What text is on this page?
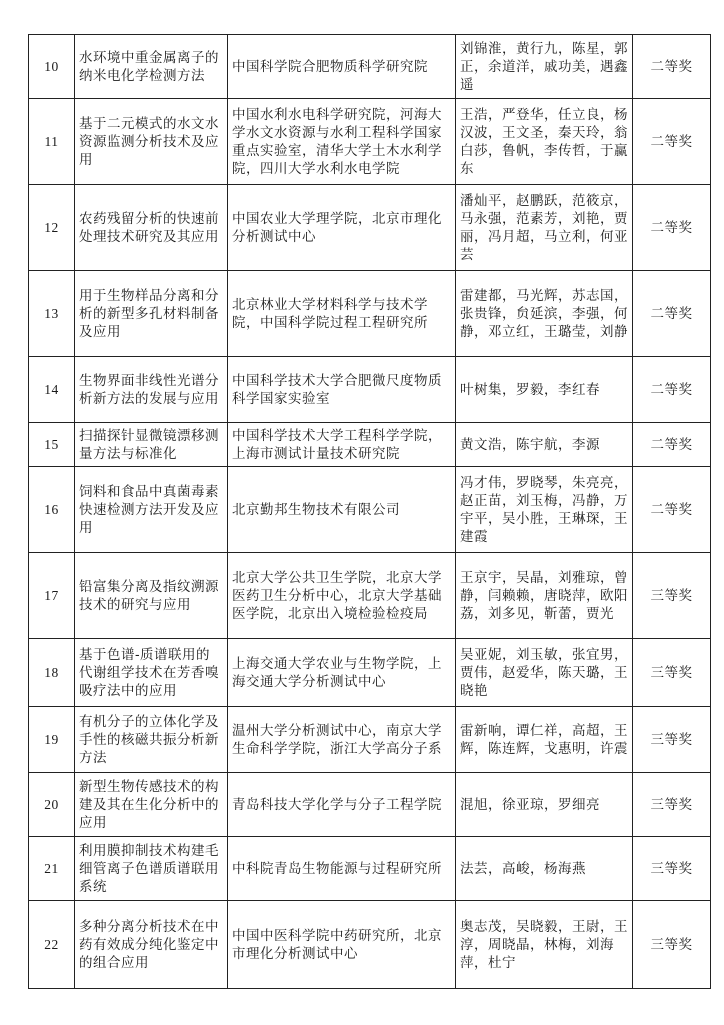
10	水环境中重金属离子的纳米电化学检测方法	中国科学院合肥物质科学研究院	刘锦淮，黄行九，陈星，郭正，余道洋，戚功美，遇鑫遥	二等奖
11	基于二元模式的水文水资源监测分析技术及应用	中国水利水电科学研究院，河海大学水文水资源与水利工程科学国家重点实验室，清华大学土木水利学院，四川大学水利水电学院	王浩，严登华，任立良，杨汉波，王文圣，秦天玲，翁白莎，鲁帆，李传哲，于赢东	二等奖
12	农药残留分析的快速前处理技术研究及其应用	中国农业大学理学院，北京市理化分析测试中心	潘灿平，赵鹏跃，范筱京，马永强，范素芳，刘艳，贾丽，冯月超，马立利，何亚芸	二等奖
13	用于生物样品分离和分析的新型多孔材料制备及应用	北京林业大学材料科学与技术学院，中国科学院过程工程研究所	雷建都，马光辉，苏志国，张贵锋，贠延滨，李强，何静，邓立红，王璐莹，刘静	二等奖
14	生物界面非线性光谱分析新方法的发展与应用	中国科学技术大学合肥微尺度物质科学国家实验室	叶树集，罗毅，李红春	二等奖
15	扫描探针显微镜漂移测量方法与标准化	中国科学技术大学工程科学学院，上海市测试计量技术研究院	黄文浩，陈宇航，李源	二等奖
16	饲料和食品中真菌毒素快速检测方法开发及应用	北京勤邦生物技术有限公司	冯才伟，罗晓琴，朱亮亮，赵正苗，刘玉梅，冯静，万宇平，吴小胜，王琳琛，王建霞	二等奖
17	铅富集分离及指纹溯源技术的研究与应用	北京大学公共卫生学院，北京大学医药卫生分析中心，北京大学基础医学院，北京出入境检验检疫局	王京宇，吴晶，刘雅琼，曾静，闫赖赖，唐晓萍，欧阳荔，刘多见，靳蕾，贾光	三等奖
18	基于色谱-质谱联用的代谢组学技术在芳香嗅吸疗法中的应用	上海交通大学农业与生物学院，上海交通大学分析测试中心	吴亚妮，刘玉敏，张宜男，贾伟，赵爱华，陈天璐，王晓艳	三等奖
19	有机分子的立体化学及手性的核磁共振分析新方法	温州大学分析测试中心，南京大学生命科学学院，浙江大学高分子系	雷新响，谭仁祥，高超，王辉，陈连辉，戈惠明，许震	三等奖
20	新型生物传感技术的构建及其在生化分析中的应用	青岛科技大学化学与分子工程学院	混旭，徐亚琼，罗细亮	三等奖
21	利用膜抑制技术构建毛细管离子色谱质谱联用系统	中科院青岛生物能源与过程研究所	法芸，高峻，杨海燕	三等奖
22	多种分离分析技术在中药有效成分纯化鉴定中的组合应用	中国中医科学院中药研究所，北京市理化分析测试中心	奥志茂，吴晓毅，王尉，王淳，周晓晶，林梅，刘海萍，杜宁	三等奖
